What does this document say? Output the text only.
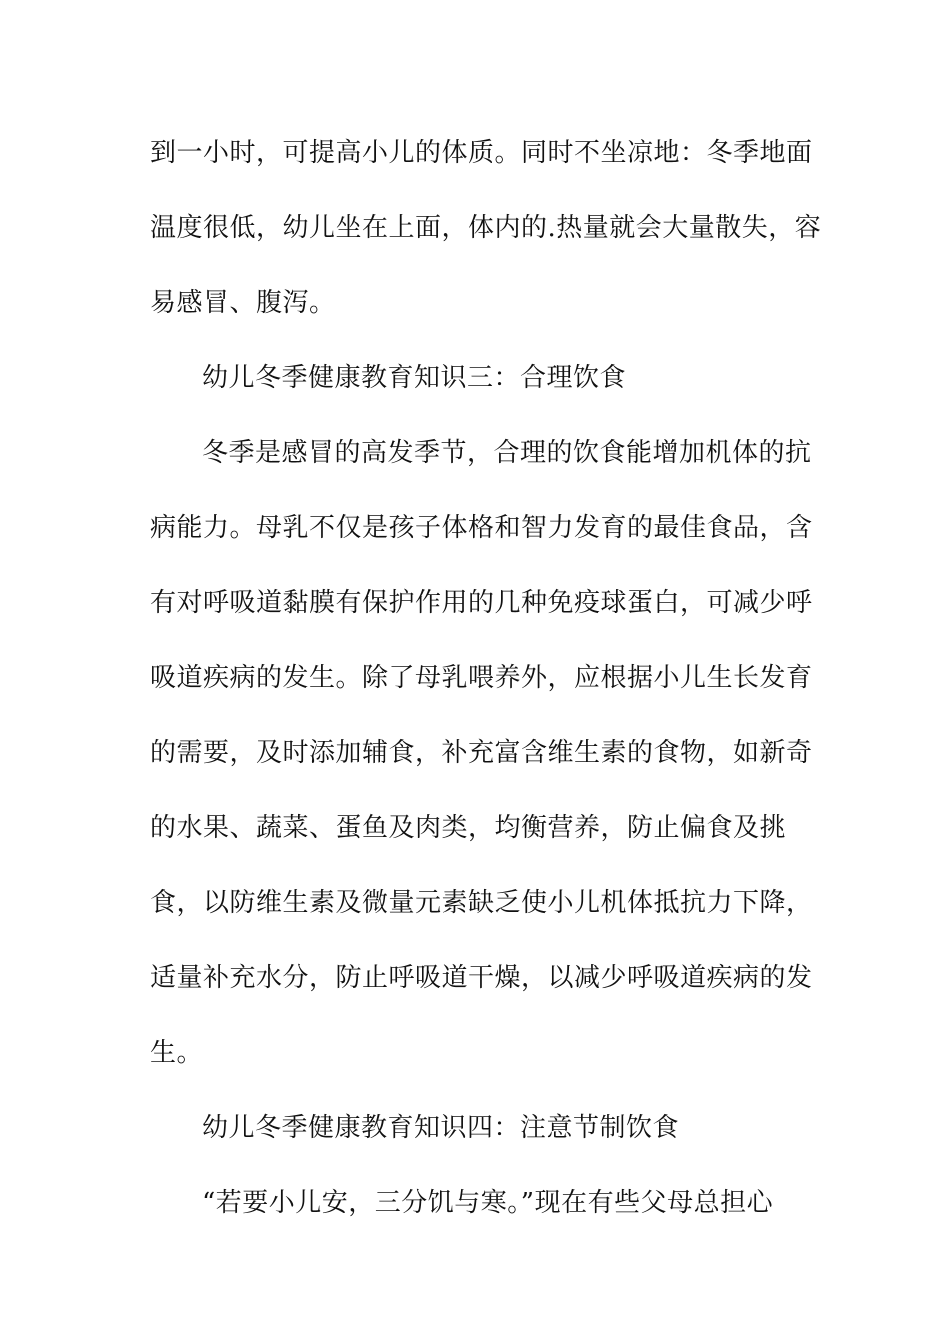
到一小时，可提高小儿的体质。同时不坐凉地：冬季地面
温度很低，幼儿坐在上面，体内的.热量就会大量散失，容
易感冒、腹泻。
幼儿冬季健康教育知识三：合理饮食
冬季是感冒的高发季节，合理的饮食能增加机体的抗
病能力。母乳不仅是孩子体格和智力发育的最佳食品，含
有对呼吸道黏膜有保护作用的几种免疫球蛋白，可减少呼
吸道疾病的发生。除了母乳喂养外，应根据小儿生长发育
的需要，及时添加辅食，补充富含维生素的食物，如新奇
的水果、蔬菜、蛋鱼及肉类，均衡营养，防止偏食及挑
食，以防维生素及微量元素缺乏使小儿机体抵抗力下降，
适量补充水分，防止呼吸道干燥，以减少呼吸道疾病的发
生。
幼儿冬季健康教育知识四：注意节制饮食
“若要小儿安，三分饥与寒。”现在有些父母总担心
